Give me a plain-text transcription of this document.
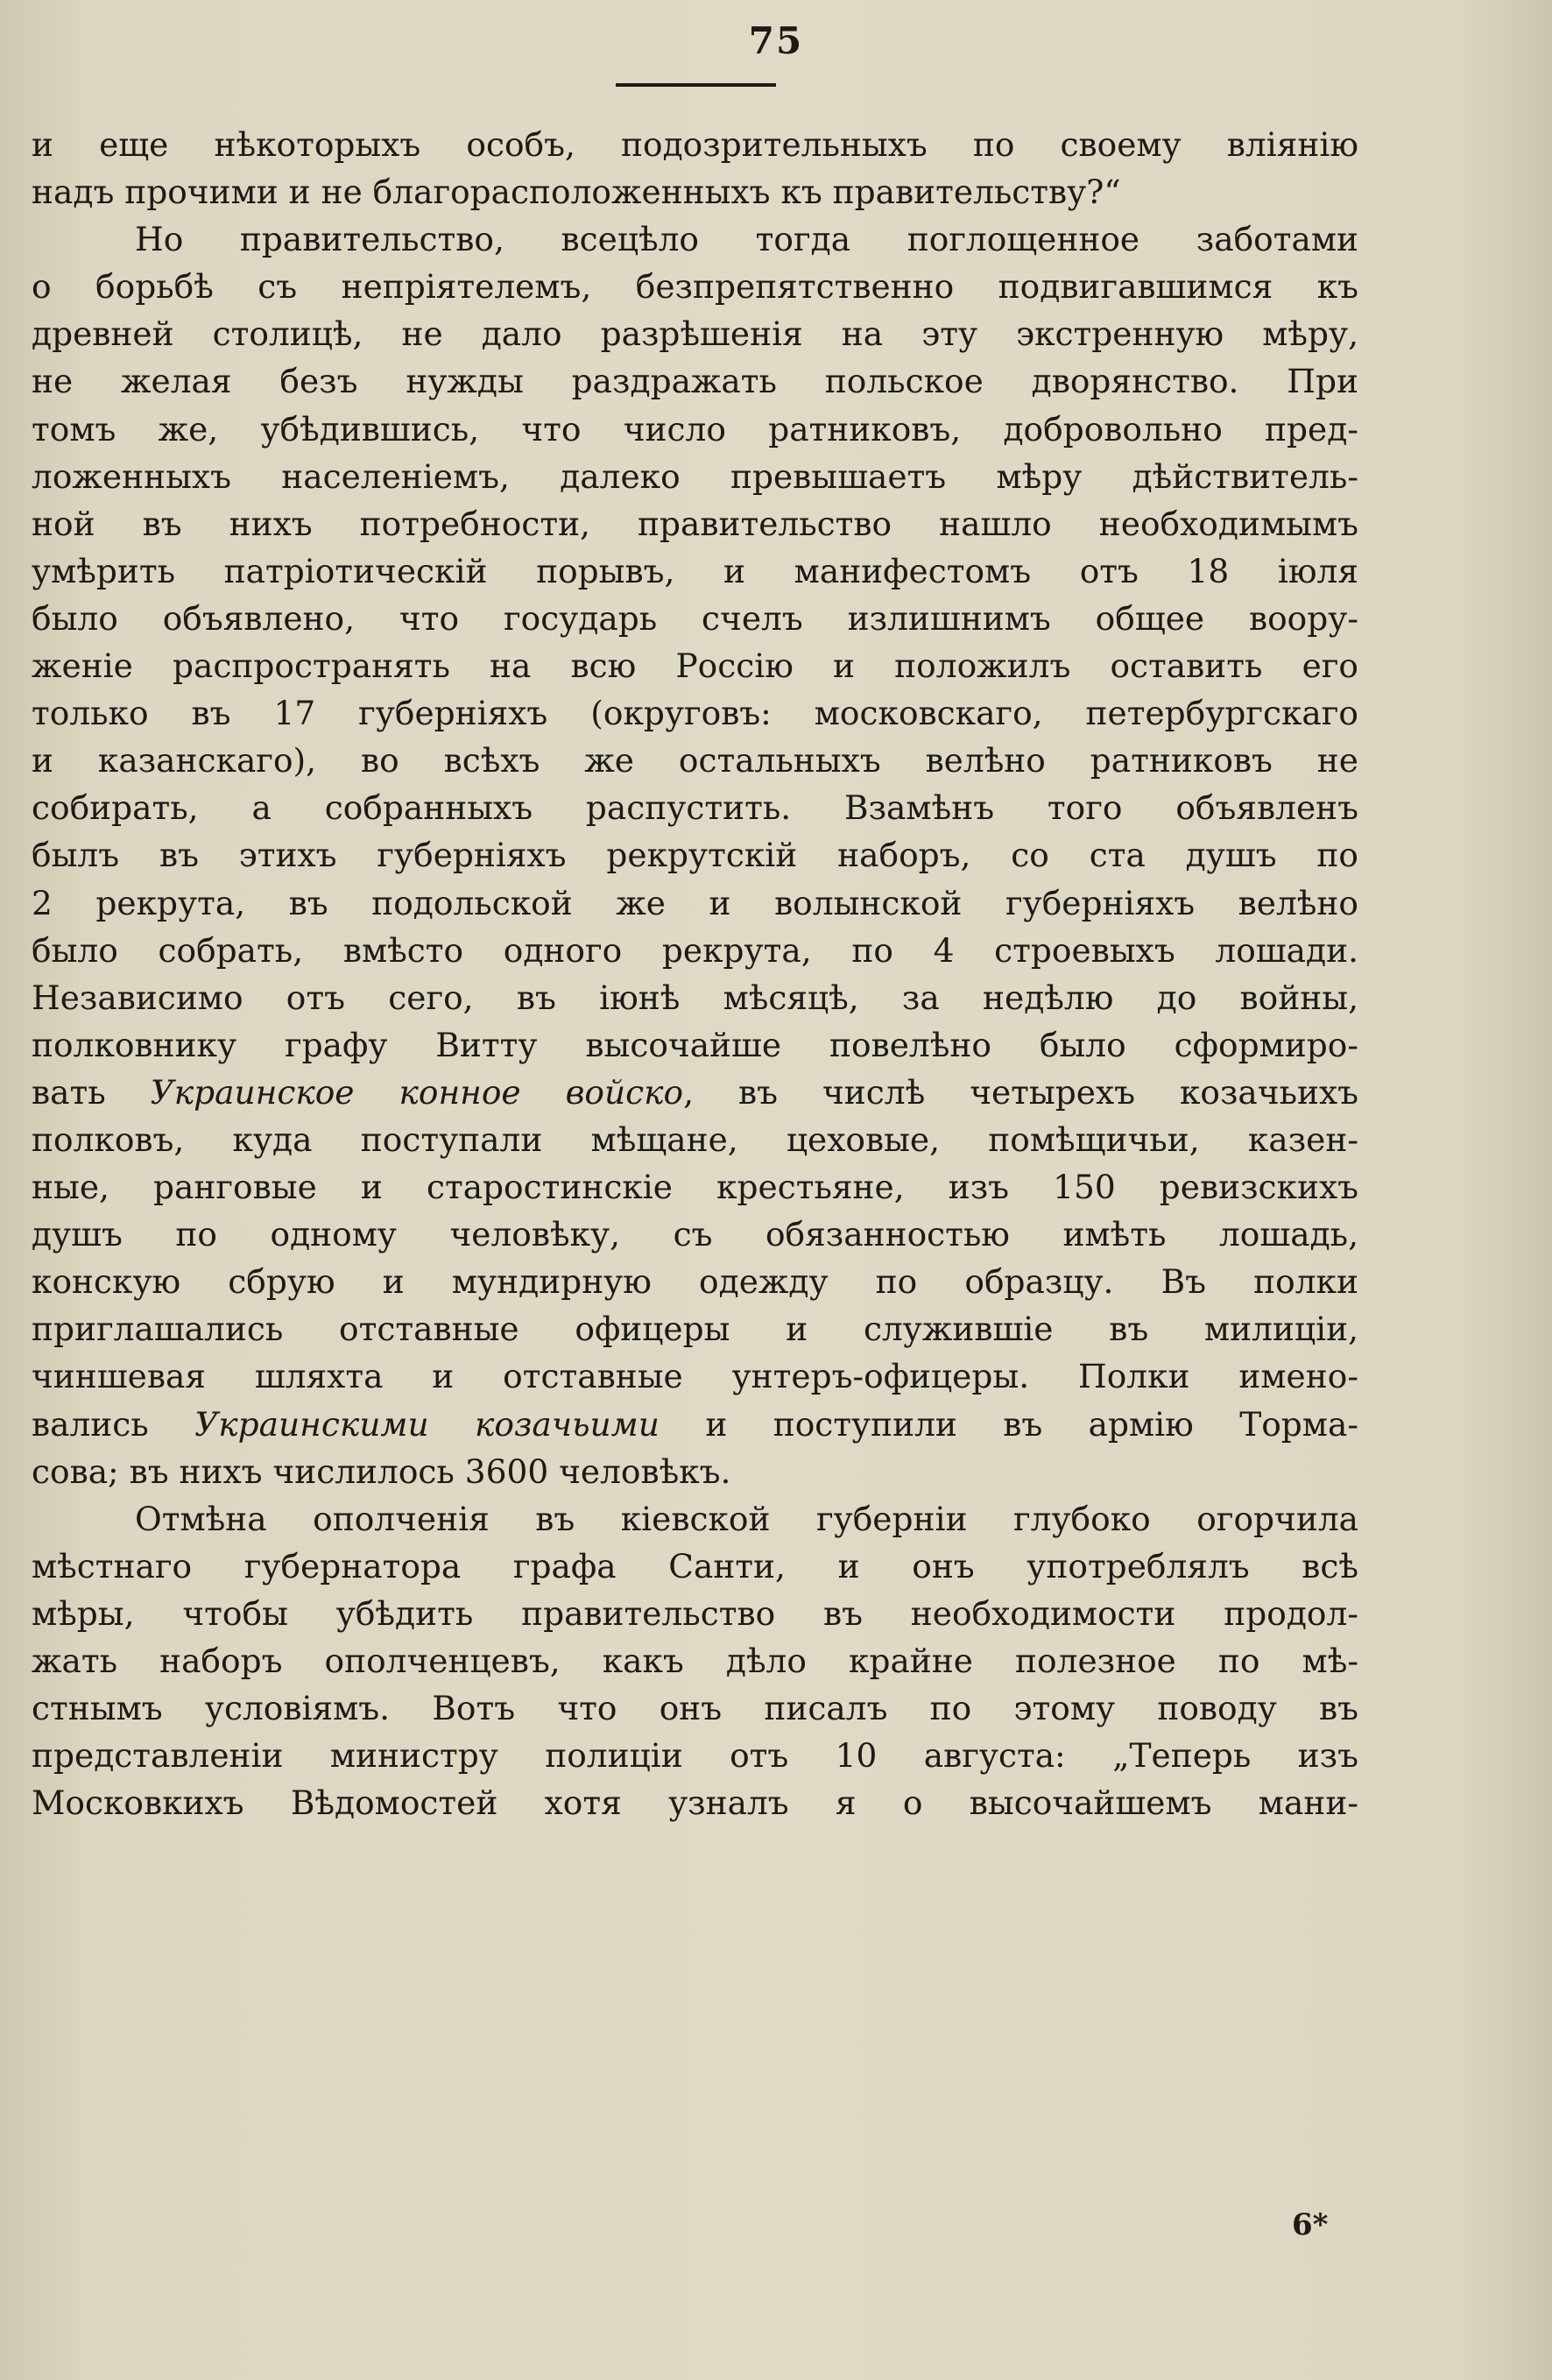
75
и еще нѣкоторыхъ особъ, подозрительныхъ по своему вліянію
надъ прочими и не благорасположенныхъ къ правительству?“
Но правительство, всецѣло тогда поглощенное заботами
о борьбѣ съ непріятелемъ, безпрепятственно подвигавшимся къ
древней столицѣ, не дало разрѣшенія на эту экстренную мѣру,
не желая безъ нужды раздражать польское дворянство. При
томъ же, убѣдившись, что число ратниковъ, добровольно пред-
ложенныхъ населеніемъ, далеко превышаетъ мѣру дѣйствитель-
ной въ нихъ потребности, правительство нашло необходимымъ
умѣрить патріотическій порывъ, и манифестомъ отъ 18 іюля
было объявлено, что государь счелъ излишнимъ общее воору-
женіе распространять на всю Россію и положилъ оставить его
только въ 17 губерніяхъ (округовъ: московскаго, петербургскаго
и казанскаго), во всѣхъ же остальныхъ велѣно ратниковъ не
собирать, а собранныхъ распустить. Взамѣнъ того объявленъ
былъ въ этихъ губерніяхъ рекрутскій наборъ, со ста душъ по
2 рекрута, въ подольской же и волынской губерніяхъ велѣно
было собрать, вмѣсто одного рекрута, по 4 строевыхъ лошади.
Независимо отъ сего, въ іюнѣ мѣсяцѣ, за недѣлю до войны,
полковнику графу Витту высочайше повелѣно было сформиро-
вать Украинское конное войско, въ числѣ четырехъ козачьихъ
полковъ, куда поступали мѣщане, цеховые, помѣщичьи, казен-
ные, ранговые и старостинскіе крестьяне, изъ 150 ревизскихъ
душъ по одному человѣку, съ обязанностью имѣть лошадь,
конскую сбрую и мундирную одежду по образцу. Въ полки
приглашались отставные офицеры и служившіе въ милиціи,
чиншевая шляхта и отставные унтеръ-офицеры. Полки имено-
вались Украинскими козачьими и поступили въ армію Торма-
сова; въ нихъ числилось 3600 человѣкъ.
Отмѣна ополченія въ кіевской губерніи глубоко огорчила
мѣстнаго губернатора графа Санти, и онъ употреблялъ всѣ
мѣры, чтобы убѣдить правительство въ необходимости продол-
жать наборъ ополченцевъ, какъ дѣло крайне полезное по мѣ-
стнымъ условіямъ. Вотъ что онъ писалъ по этому поводу въ
представленіи министру полиціи отъ 10 августа: „Теперь изъ
Московкихъ Вѣдомостей хотя узналъ я о высочайшемъ мани-
6*
